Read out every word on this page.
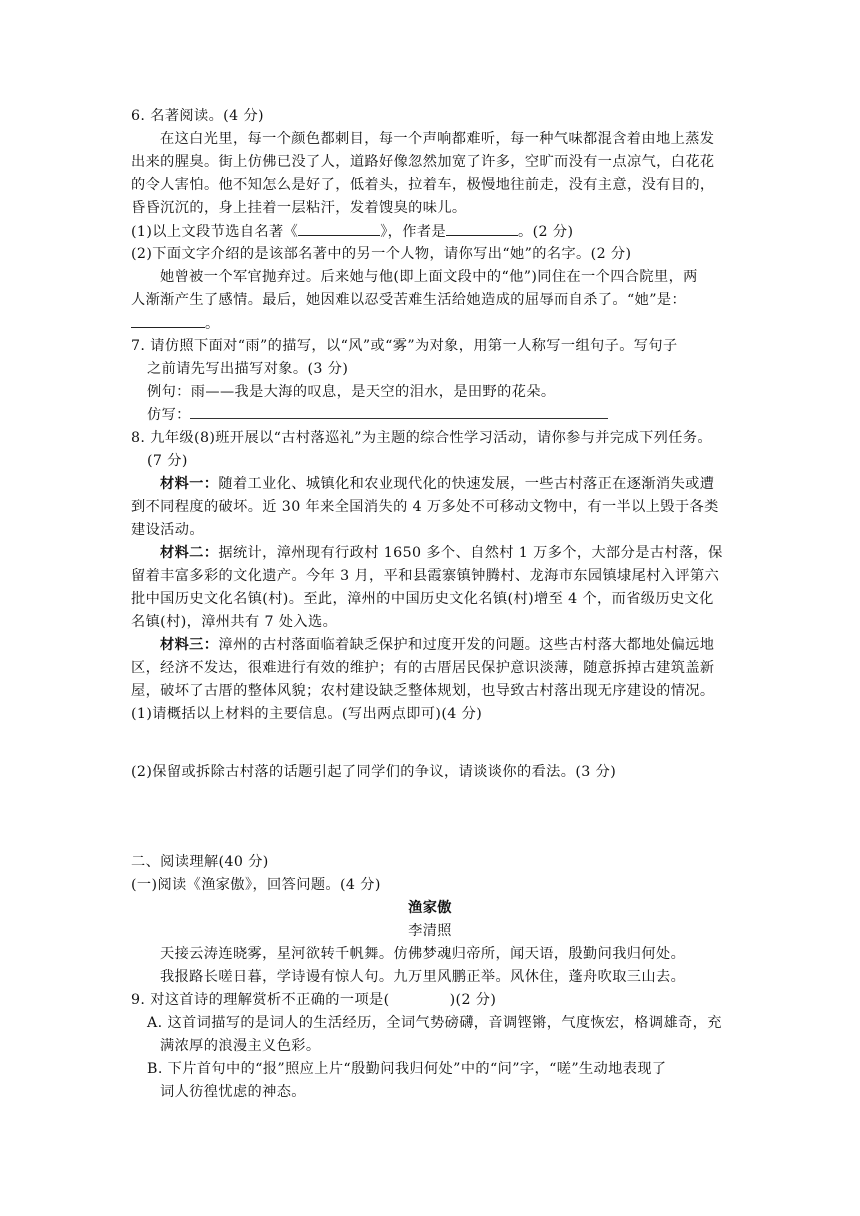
6. 名著阅读。(4 分)
在这白光里，每一个颜色都刺目，每一个声响都难听，每一种气味都混含着由地上蒸发
出来的腥臭。街上仿佛已没了人，道路好像忽然加宽了许多，空旷而没有一点凉气，白花花
的令人害怕。他不知怎么是好了，低着头，拉着车，极慢地往前走，没有主意，没有目的，
昏昏沉沉的，身上挂着一层粘汗，发着馊臭的味儿。
(1)以上文段节选自名著《	》，作者是	。(2 分)
(2)下面文字介绍的是该部名著中的另一个人物，请你写出“她”的名字。(2 分)
她曾被一个军官抛弃过。后来她与他(即上面文段中的“他”)同住在一个四合院里，两
人渐渐产生了感情。最后，她因难以忍受苦难生活给她造成的屈辱而自杀了。“她”是：
。
7. 请仿照下面对“雨”的描写，以“风”或“雾”为对象，用第一人称写一组句子。写句子
之前请先写出描写对象。(3 分)
例句：雨——我是大海的叹息，是天空的泪水，是田野的花朵。
仿写：
8. 九年级(8)班开展以“古村落巡礼”为主题的综合性学习活动，请你参与并完成下列任务。
(7 分)
材料一：随着工业化、城镇化和农业现代化的快速发展，一些古村落正在逐渐消失或遭
到不同程度的破坏。近 30 年来全国消失的 4 万多处不可移动文物中，有一半以上毁于各类
建设活动。
材料二：据统计，漳州现有行政村 1650 多个、自然村 1 万多个，大部分是古村落，保
留着丰富多彩的文化遗产。今年 3 月，平和县霞寨镇钟腾村、龙海市东园镇埭尾村入评第六
批中国历史文化名镇(村)。至此，漳州的中国历史文化名镇(村)增至 4 个，而省级历史文化
名镇(村)，漳州共有 7 处入选。
材料三：漳州的古村落面临着缺乏保护和过度开发的问题。这些古村落大都地处偏远地
区，经济不发达，很难进行有效的维护；有的古厝居民保护意识淡薄，随意拆掉古建筑盖新
屋，破坏了古厝的整体风貌；农村建设缺乏整体规划，也导致古村落出现无序建设的情况。
(1)请概括以上材料的主要信息。(写出两点即可)(4 分)
(2)保留或拆除古村落的话题引起了同学们的争议，请谈谈你的看法。(3 分)
二、阅读理解(40 分)
(一)阅读《渔家傲》，回答问题。(4 分)
渔家傲
李清照
天接云涛连晓雾，星河欲转千帆舞。仿佛梦魂归帝所，闻天语，殷勤问我归何处。
我报路长嗟日暮，学诗谩有惊人句。九万里风鹏正举。风休住，蓬舟吹取三山去。
9. 对这首诗的理解赏析不正确的一项是(	)(2 分)
A. 这首词描写的是词人的生活经历，全词气势磅礴，音调铿锵，气度恢宏，格调雄奇，充
满浓厚的浪漫主义色彩。
B. 下片首句中的“报”照应上片“殷勤问我归何处”中的“问”字，“嗟”生动地表现了
词人彷徨忧虑的神态。
